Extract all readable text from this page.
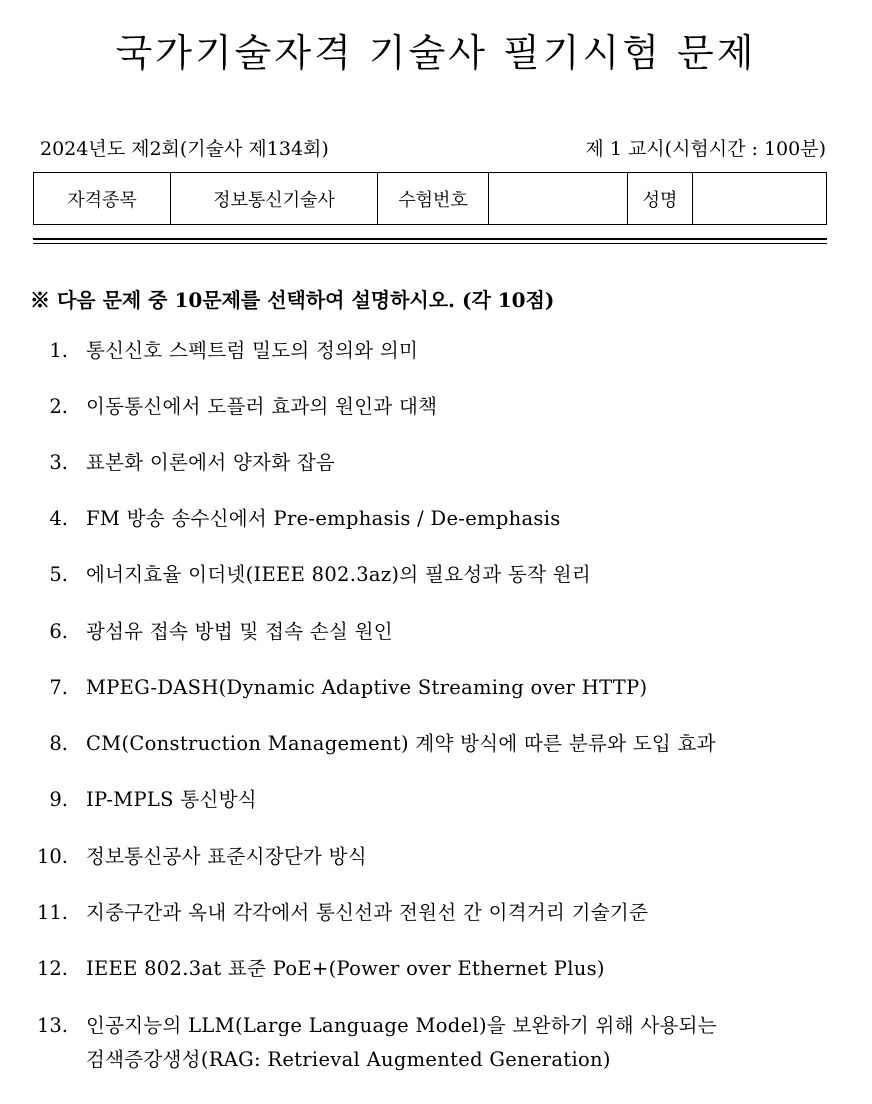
국가기술자격 기술사 필기시험 문제
2024년도 제2회(기술사 제134회)	제 1 교시(시험시간 : 100분)
자격종목	정보통신기술사	수험번호		성명	
※ 다음 문제 중 10문제를 선택하여 설명하시오. (각 10점)
1. 통신신호 스펙트럼 밀도의 정의와 의미
2. 이동통신에서 도플러 효과의 원인과 대책
3. 표본화 이론에서 양자화 잡음
4. FM 방송 송수신에서 Pre-emphasis / De-emphasis
5. 에너지효율 이더넷(IEEE 802.3az)의 필요성과 동작 원리
6. 광섬유 접속 방법 및 접속 손실 원인
7. MPEG-DASH(Dynamic Adaptive Streaming over HTTP)
8. CM(Construction Management) 계약 방식에 따른 분류와 도입 효과
9. IP-MPLS 통신방식
10. 정보통신공사 표준시장단가 방식
11. 지중구간과 옥내 각각에서 통신선과 전원선 간 이격거리 기술기준
12. IEEE 802.3at 표준 PoE+(Power over Ethernet Plus)
13. 인공지능의 LLM(Large Language Model)을 보완하기 위해 사용되는
검색증강생성(RAG: Retrieval Augmented Generation)
